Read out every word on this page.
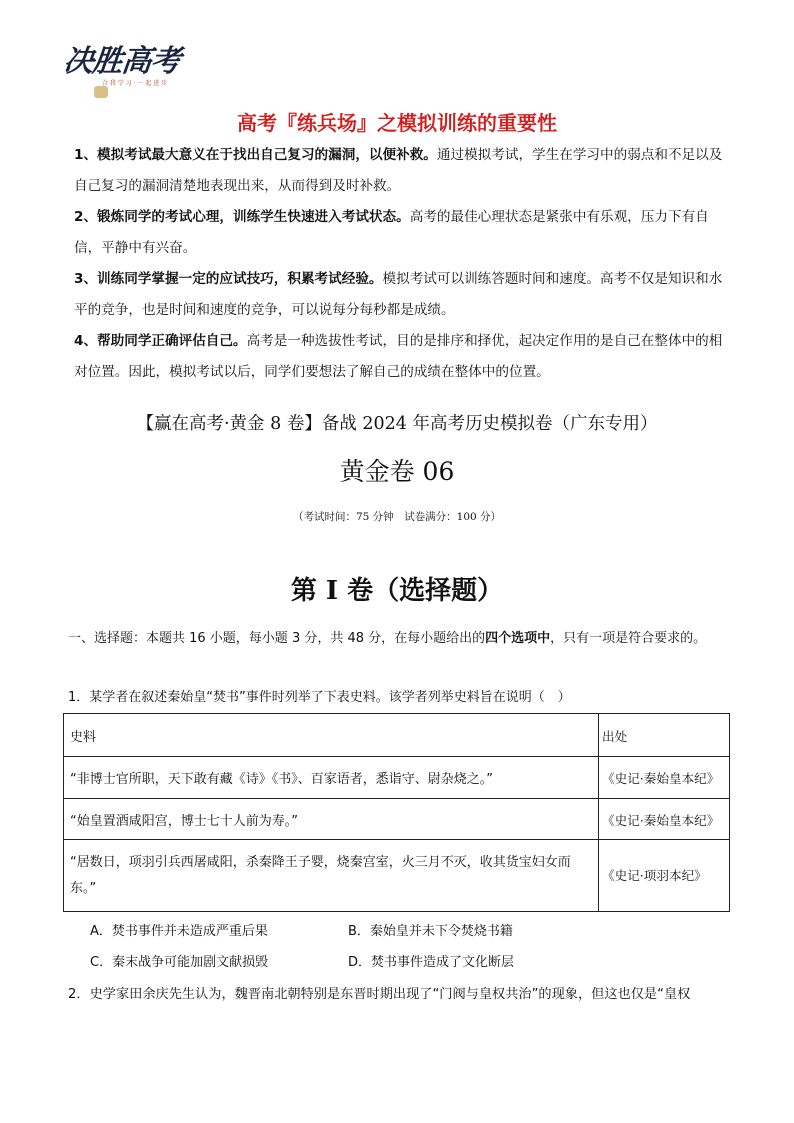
决胜高考
合 我 学 习 · 一 起 进 步
高考『练兵场』之模拟训练的重要性
1、模拟考试最大意义在于找出自己复习的漏洞，以便补救。通过模拟考试，学生在学习中的弱点和不足以及自己复习的漏洞清楚地表现出来，从而得到及时补救。
2、锻炼同学的考试心理，训练学生快速进入考试状态。高考的最佳心理状态是紧张中有乐观，压力下有自信，平静中有兴奋。
3、训练同学掌握一定的应试技巧，积累考试经验。模拟考试可以训练答题时间和速度。高考不仅是知识和水平的竞争，也是时间和速度的竞争，可以说每分每秒都是成绩。
4、帮助同学正确评估自己。高考是一种选拔性考试，目的是排序和择优，起决定作用的是自己在整体中的相对位置。因此，模拟考试以后，同学们要想法了解自己的成绩在整体中的位置。
【赢在高考·黄金 8 卷】备战 2024 年高考历史模拟卷（广东专用）
黄金卷 06
（考试时间：75 分钟　试卷满分：100 分）
第 I 卷（选择题）
一、选择题：本题共 16 小题，每小题 3 分，共 48 分，在每小题给出的四个选项中，只有一项是符合要求的。
1．某学者在叙述秦始皇“焚书”事件时列举了下表史料。该学者列举史料旨在说明（　）
史料	出处
“非博士官所职，天下敢有藏《诗》《书》、百家语者，悉诣守、尉杂烧之。”	《史记·秦始皇本纪》
“始皇置酒咸阳宫，博士七十人前为寿。”	《史记·秦始皇本纪》
“居数日，项羽引兵西屠咸阳，杀秦降王子婴，烧秦宫室，火三月不灭，收其货宝妇女而东。”	《史记·项羽本纪》
A．焚书事件并未造成严重后果	B．秦始皇并未下令焚烧书籍
C．秦末战争可能加剧文献损毁	D．焚书事件造成了文化断层
2．史学家田余庆先生认为，魏晋南北朝特别是东晋时期出现了“门阀与皇权共治”的现象，但这也仅是“皇权
